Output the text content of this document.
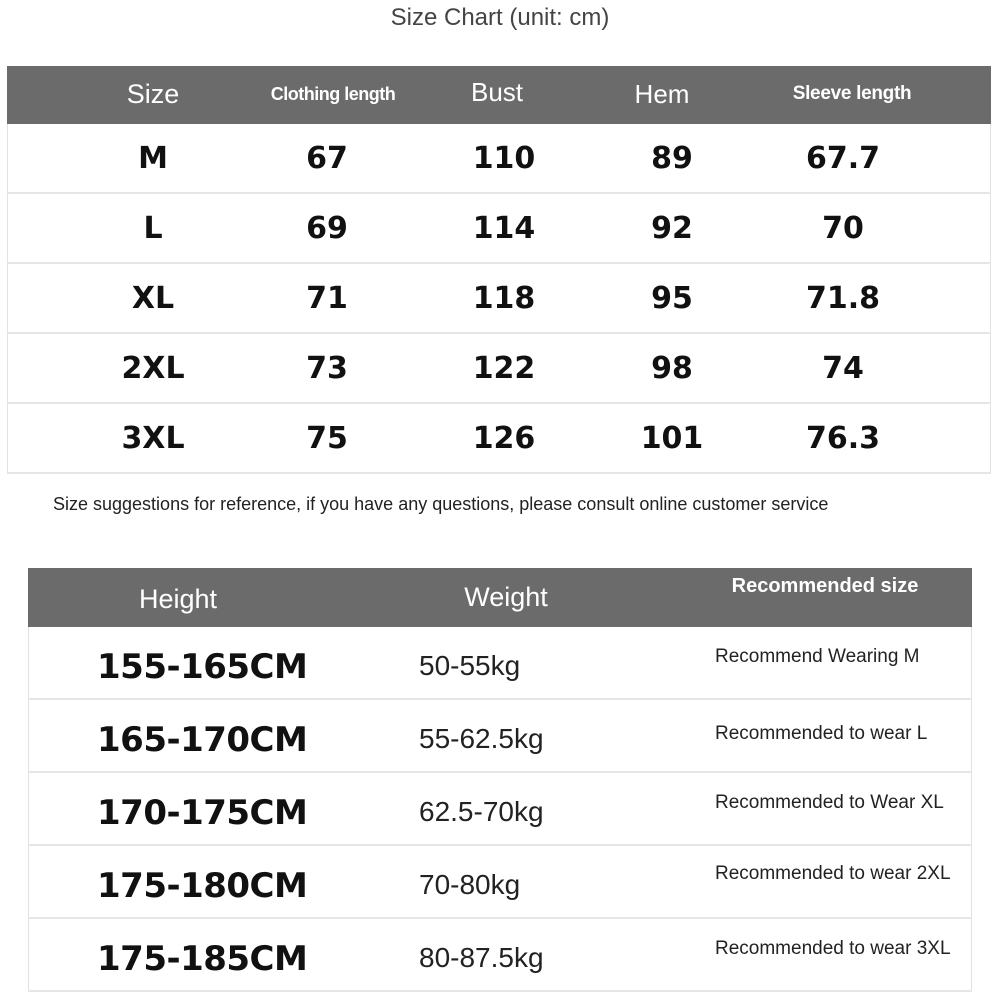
Size Chart (unit: cm)
Size	Clothing length	Bust	Hem	Sleeve length
M	67	110	89	67.7
L	69	114	92	70
XL	71	118	95	71.8
2XL	73	122	98	74
3XL	75	126	101	76.3
Size suggestions for reference, if you have any questions, please consult online customer service
Height	Weight	Recommended size
155-165CM	50-55kg	Recommend Wearing M
165-170CM	55-62.5kg	Recommended to wear L
170-175CM	62.5-70kg	Recommended to Wear XL
175-180CM	70-80kg	Recommended to wear 2XL
175-185CM	80-87.5kg	Recommended to wear 3XL
